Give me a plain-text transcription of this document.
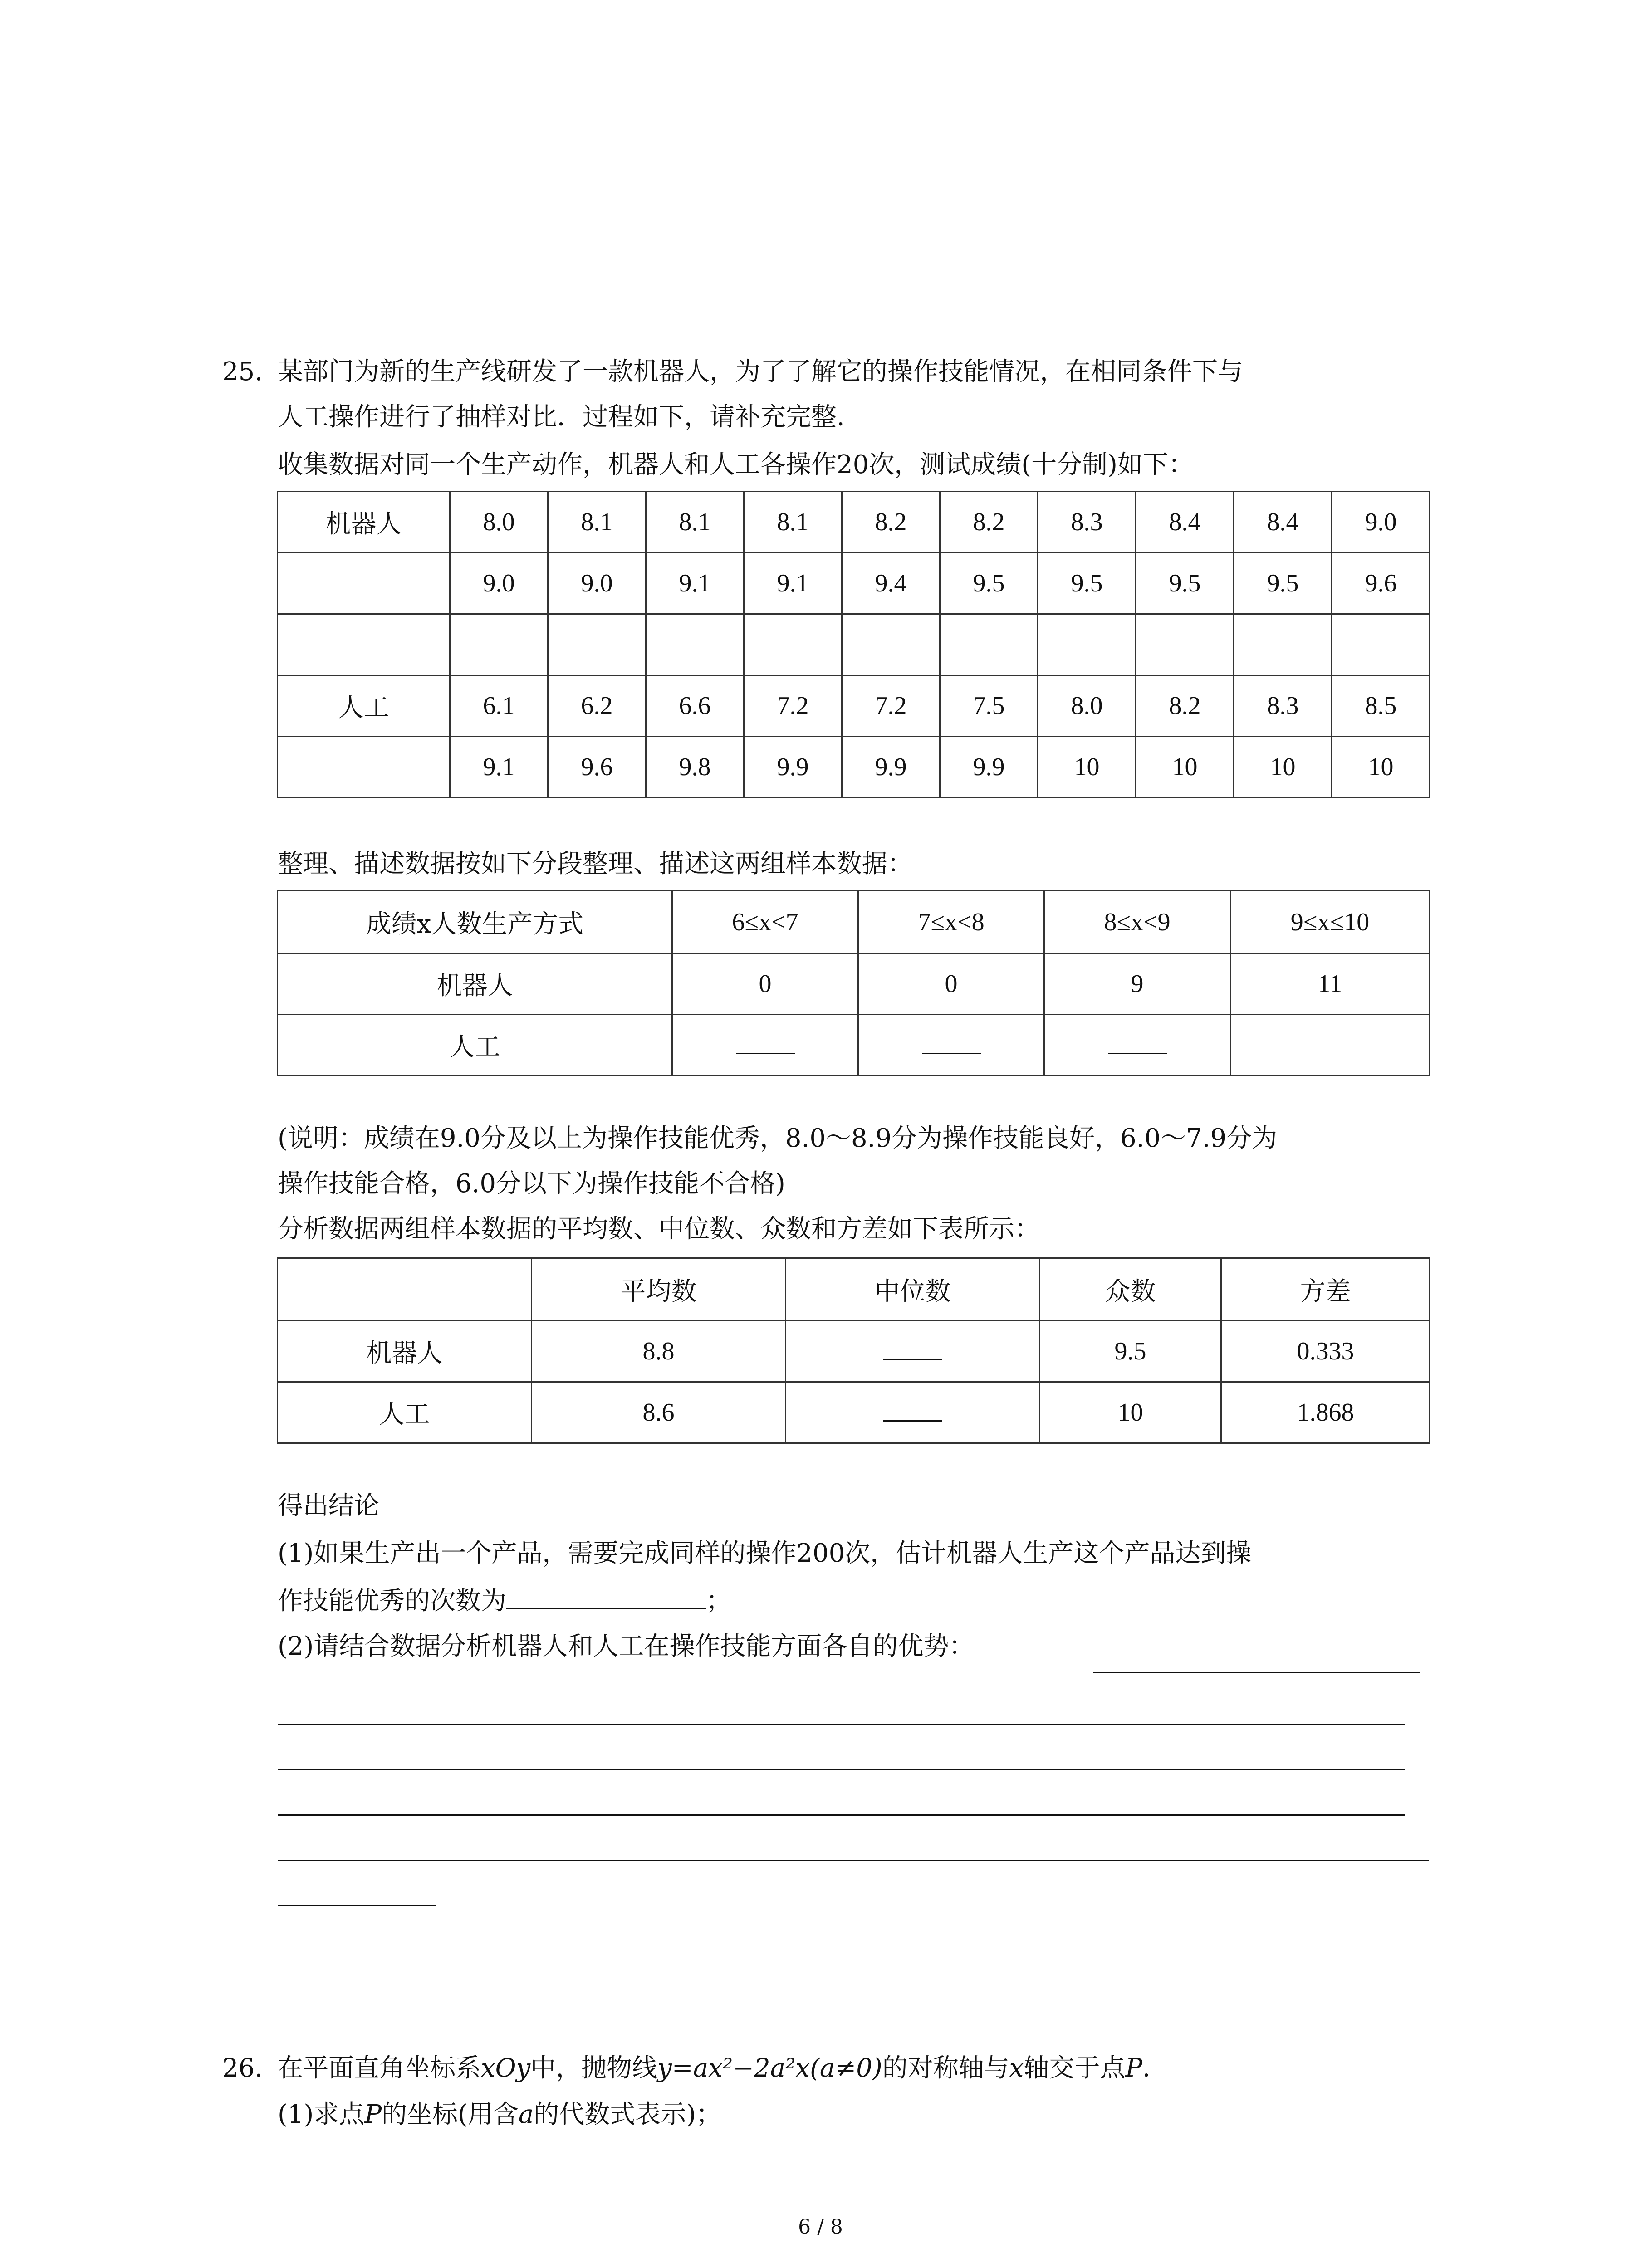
25. 某部门为新的生产线研发了一款机器人，为了了解它的操作技能情况，在相同条件下与
人工操作进行了抽样对比．过程如下，请补充完整．
收集数据对同一个生产动作，机器人和人工各操作20次，测试成绩(十分制)如下：
机器人	8.0	8.1	8.1	8.1	8.2	8.2	8.3	8.4	8.4	9.0
	9.0	9.0	9.1	9.1	9.4	9.5	9.5	9.5	9.5	9.6

人工	6.1	6.2	6.6	7.2	7.2	7.5	8.0	8.2	8.3	8.5
	9.1	9.6	9.8	9.9	9.9	9.9	10	10	10	10
整理、描述数据按如下分段整理、描述这两组样本数据：
成绩x人数生产方式	6≤x<7	7≤x<8	8≤x<9	9≤x≤10
机器人	0	0	9	11
人工				
(说明：成绩在9.0分及以上为操作技能优秀，8.0～8.9分为操作技能良好，6.0～7.9分为
操作技能合格，6.0分以下为操作技能不合格)
分析数据两组样本数据的平均数、中位数、众数和方差如下表所示：
	平均数	中位数	众数	方差
机器人	8.8		9.5	0.333
人工	8.6		10	1.868
得出结论
(1)如果生产出一个产品，需要完成同样的操作200次，估计机器人生产这个产品达到操
作技能优秀的次数为	；
(2)请结合数据分析机器人和人工在操作技能方面各自的优势：
26. 在平面直角坐标系xOy中，抛物线y=ax²−2a²x(a≠0)的对称轴与x轴交于点P．
(1)求点P的坐标(用含a的代数式表示)；
6 / 8
